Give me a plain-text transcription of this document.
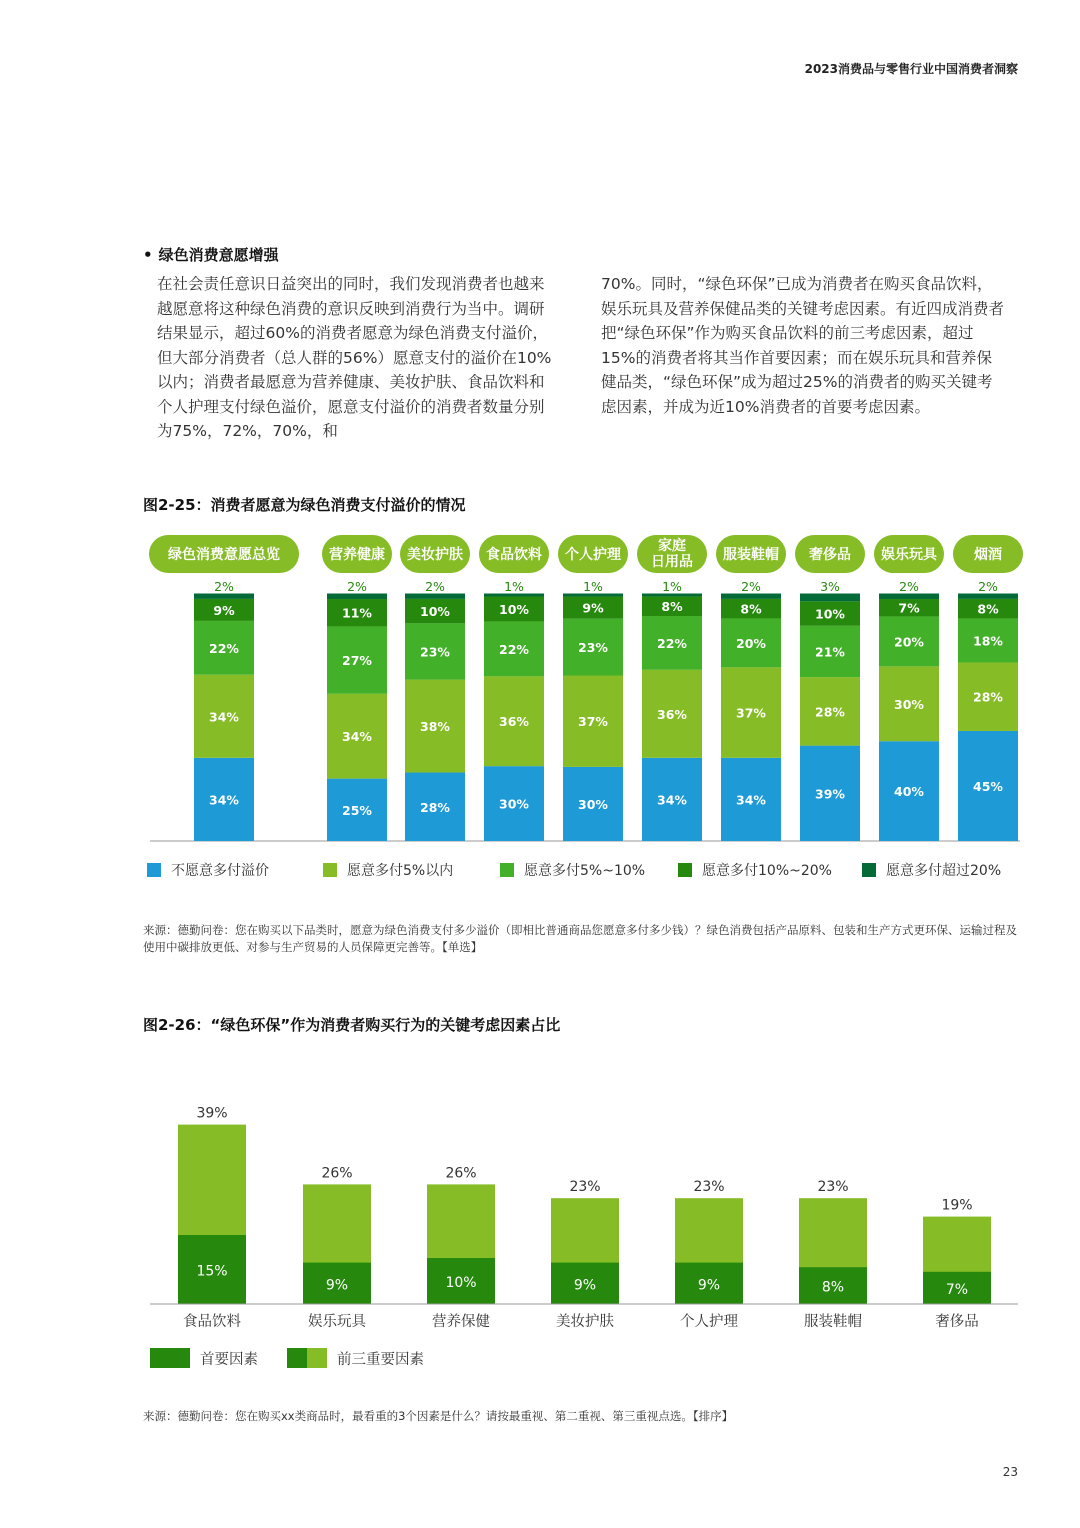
2023消费品与零售行业中国消费者洞察
• 绿色消费意愿增强
在社会责任意识日益突出的同时，我们发现消费者也越来越愿意将这种绿色消费的意识反映到消费行为当中。调研结果显示，超过60%的消费者愿意为绿色消费支付溢价，但大部分消费者（总人群的56%）愿意支付的溢价在10%以内；消费者最愿意为营养健康、美妆护肤、食品饮料和个人护理支付绿色溢价，愿意支付溢价的消费者数量分别为75%，72%，70%，和
70%。同时，“绿色环保”已成为消费者在购买食品饮料，娱乐玩具及营养保健品类的关键考虑因素。有近四成消费者把“绿色环保”作为购买食品饮料的前三考虑因素，超过15%的消费者将其当作首要因素；而在娱乐玩具和营养保健品类，“绿色环保”成为超过25%的消费者的购买关键考虑因素，并成为近10%消费者的首要考虑因素。
图2-25：消费者愿意为绿色消费支付溢价的情况
绿色消费意愿总览	营养健康 美妆护肤 食品饮料 个人护理
家庭
日用品 服装鞋帽 奢侈品 娱乐玩具	烟酒
34%
34%
22%
9%
2%
25%
34%
27%
11%
2%
28%
38%
23%
10%
2%
30%
36%
22%
10%
1%
30%
37%
23%
9%
1%
34%
36%
22%
8%
1%
34%
37%
20%
8%
2%
39%
28%
21%
10%
3%
40%
30%
20%
7%
2%
45%
28%
18%
8%
2%
不愿意多付溢价	愿意多付5%以内	愿意多付5%~10%	愿意多付10%~20%	愿意多付超过20%
来源：德勤问卷：您在购买以下品类时，愿意为绿色消费支付多少溢价（即相比普通商品您愿意多付多少钱）？绿色消费包括产品原料、包装和生产方式更环保、运输过程及使用中碳排放更低、对参与生产贸易的人员保障更完善等。【单选】
图2-26：“绿色环保”作为消费者购买行为的关键考虑因素占比
39%
15%
食品饮料
26%
9%
娱乐玩具
26%
10%
营养保健
23%
9%
美妆护肤
23%
9%
个人护理
23%
8%
服装鞋帽
19%
7%
奢侈品
首要因素	前三重要因素
来源：德勤问卷：您在购买xx类商品时，最看重的3个因素是什么？请按最重视、第二重视、第三重视点选。【排序】
23
